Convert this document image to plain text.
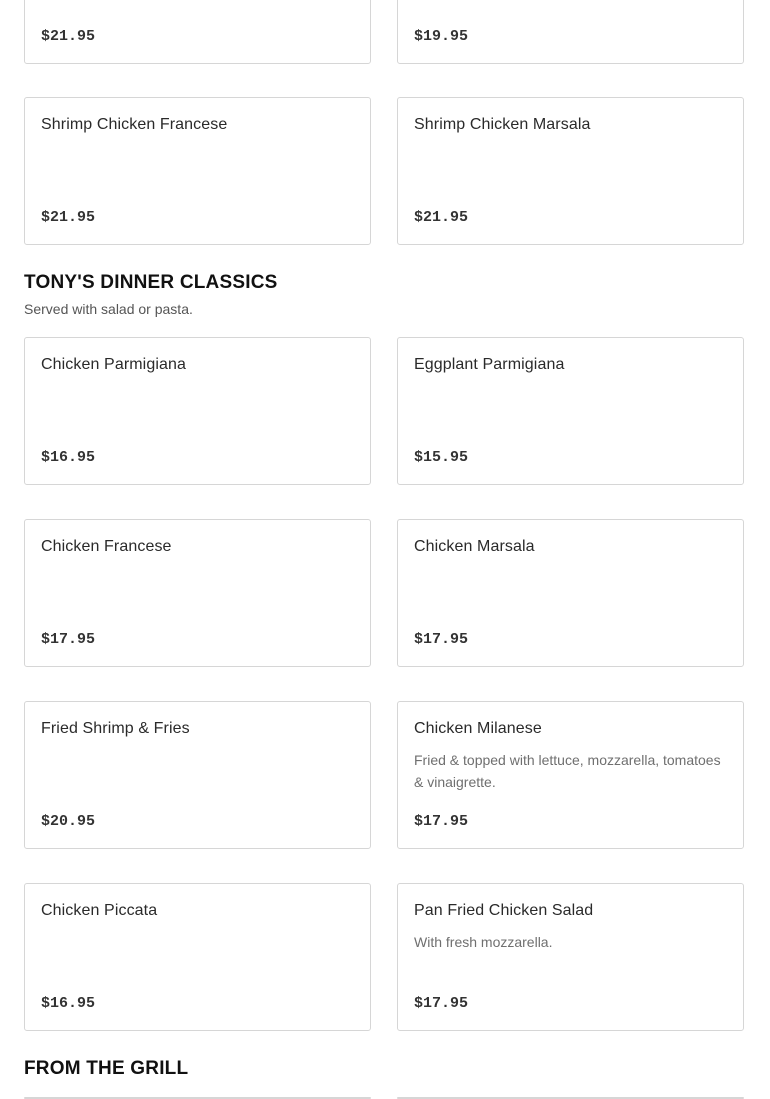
$21.95	$19.95
Shrimp Chicken Francese
$21.95
Shrimp Chicken Marsala
$21.95
TONY'S DINNER CLASSICS
Served with salad or pasta.
Chicken Parmigiana
$16.95
Eggplant Parmigiana
$15.95
Chicken Francese
$17.95
Chicken Marsala
$17.95
Fried Shrimp & Fries
$20.95
Chicken Milanese
Fried & topped with lettuce, mozzarella, tomatoes & vinaigrette.
$17.95
Chicken Piccata
$16.95
Pan Fried Chicken Salad
With fresh mozzarella.
$17.95
FROM THE GRILL
